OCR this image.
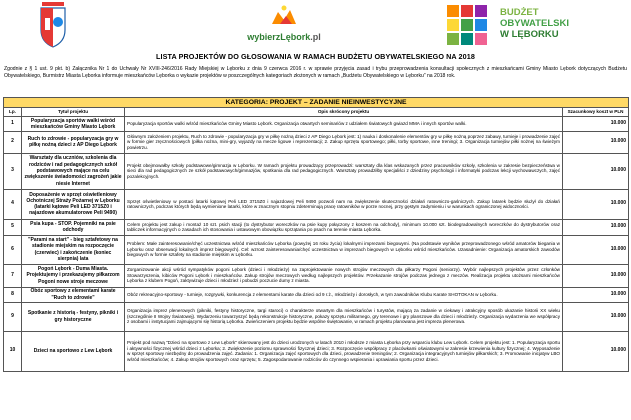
wybierzLębork.pl
BUDŻET
OBYWATELSKI
W LĘBORKU
LISTA PROJEKTÓW DO GŁOSOWANIA W RAMACH BUDŻETU OBYWATELSKIEGO NA 2018
Zgodnie z § 1 ust. 9 pkt. b) Załącznika Nr 1 do Uchwały Nr XVIII-246/2016 Rady Miejskiej w Lęborku z dnia 9 czerwca 2016 r. w sprawie przyjęcia zasad i trybu przeprowadzenia konsultacji społecznych z mieszkańcami Gminy Miasto Lębork dotyczących Budżetu Obywatelskiego, Burmistrz Miasta Lęborka informuje mieszkańców Lęborka o wykazie projektów w poszczególnych kategoriach złożonych w ramach „Budżetu Obywatelskiego w Lęborku” na 2018 rok.
KATEGORIA: PROJEKT – ZADANIE NIEINWESTYCYJNE			
Lp.	Tytuł projektu	Opis skrócony projektu	Szacunkowy koszt w PLN
1	Popularyzacja sportów walki wśród mieszkańców Gminy Miasto Lębork	Popularyzacja sportów walki wśród mieszkańców Gminy Miasto Lębork. Organizacja otwartych seminariów z udziałem światowych gwiazd MMA i innych sportów walki.	10.000
2	Ruch to zdrowie - popularyzacja gry w piłkę nożną dzieci z AP Diego Lębork	Głównym założeniem projektu, Ruch to zdrowie - popularyzacja gry w piłkę nożną dzieci z AP Diego Lębork jest: 1) nauka i doskonalenie elementów gry w piłkę nożną poprzez zabawy, turnieje i prowadzenie zajęć w formie gier zręcznościowych (piłka nożna, mini-gry, wyjazdy na mecze ligowe i reprezentacji; 2. Zakup sprzętu sportowego; piłki, torby sportowe, inne treningi; 3. Organizacja turniejów piłki nożnej na świeżym powietrzu.	10.000
3	Warsztaty dla uczniów, szkolenia dla rodziców i rad pedagogicznych szkół podstawowych mające na celu zwiększenie świadomości zagrożeń jakie niesie Internet	Projekt obejmowałby szkoły podstawowe/gimnazja w Lęborku. W ramach projektu prowadzący przeprowadzi: warsztaty dla klas wskazanych przez pracowników szkoły, szkolenia w zakresie bezpieczeństwa w sieci dla rad pedagogicznych ze szkół podstawowych/gimnazjów, spotkania dla rad pedagogicznych. Warsztaty prowadziłby specjaliści z dziedziny psychologii i informatyki podczas lekcji wychowawczych, zajęć pozalekcyjnych.	10.000
4	Doposażenie w sprzęt oświetleniowy Ochotniczej Straży Pożarnej w Lęborku (latarki kątowe Peli LED 3715Z0 i najazdowe akumulatorowe Peli 9490)	Sprzęt oświetleniowy w postaci latarki kątowej Peli LED 3715Z0 i najazdowej Peli 9490 pozwoli nam na zwiększenie skuteczności działań ratowniczo-gaśniczych. Zakup latarek będzie służył do działań ratowniczych, podczas których będą wymienione latarki, które w znacznym stopniu zdeterminują pracę ratowników w porze nocnej, przy gęstym zadymieniu i w warunkach ograniczonej widoczności.	10.000
5	Psia kupa - STOP. Pojemniki na psie odchody	Celem projektu jest zakup i montaż 10 szt. psich stacji (to dystrybutor woreczków na psie kupy połączony z koszem na odchody), minimum 10.000 szt. biodegradowalnych woreczków do dystrybutorów oraz tabliczek informacyjnych o zasadach ich stosowania i ustawowym obowiązku sprzątania po psach na terenie miasta Lęborka.	10.000
6	"Parami na start" - bieg sztafetowy na stadionie miejskim na rozpoczęcie (czerwiec) i zakończenie (koniec sierpnia) lata	Problem: Małe zainteresowanie/chęć uczestnictwa wśród mieszkańców Lęborka (powyżej 16 roku życia) lokalnymi imprezami biegowymi. (Na podstawie wyników przeprowadzonego wśród amatorów biegania w Lęborku oraz obserwacji lokalnych imprez biegowych). Cel: wzrost zainteresowania/chęć uczestnictwa w imprezach biegowych w Lęborku wśród mieszkańców. Uzasadnienie: Organizacja amatorskich zawodów biegowych w formie sztafety na stadionie miejskim w Lęborku.	10.000
7	Pogoń Lębork - Duma Miasta. Projektujemy i przekazujemy piłkarzom Pogoni nowe stroje meczowe	Zorganizowanie akcji wśród sympatyków pogoni Lębork (dzieci i młodzieży) na zaprojektowanie nowych strojów meczowych dla piłkarzy Pogoni (seniorzy). Wybór najlepszych projektów przez członków Stowarzyszenia, kibiców Pogoni Lębork i mieszkańców. Zakup strojów meczowych według najlepszych projektów. Przekazanie strojów podczas jednego z meczów. Realizacja projektu utożsami mieszkańców Lęborka z klubem Pogoń, zaktywizuje dzieci i młodzież i pobudzi poczucie dumy z miasta.	10.000
8	Obóz sportowy z elementami karate "Ruch to zdrowie"	Obóz rekreacyjno-sportowy - turnieje, rozgrywki, konkurencja z elementami karate dla dzieci od 9 r.ż., młodzieży i dorosłych, w tym zawodników Klubu Karate SHOTOKAN w Lęborku.	10.000
9	Spotkanie z historią - festyny, pikniki i gry historyczne	Organizacja imprez plenerowych (pikniki, festyny historyczne, targi staroci) o charakterze otwartym dla mieszkańców i turystów, mającą za zadanie w ciekawy i atrakcyjny sposób ukazanie historii XX wieku (szczególnie II Wojny Światowej). Wydarzeniu towarzyszyć będą rekonstrukcje historyczne, pokazy sprzętu militarnego, gry terenowe i gry planszowe dla dzieci i młodzieży. Organizacja wydarzenia we współpracy z osobami i instytucjami zajmującymi się historią Lęborka. Zwieńczeniem projektu będzie wspólne świętowanie, w ramach projektu planowana jest impreza plenerowa.	10.000
10	Dzieci na sportowo z Lew Lębork	Projekt pod nazwą "Dzieci na sportowo z Lew Lębork" skierowany jest do dzieci urodzonych w latach 2010 i młodsze z miasta Lęborka przy wsparciu klubu Lew Lębork. Celem projektu jest: 1. Popularyzacja sportu i aktywności fizycznej wśród dzieci z Lęborka; 2. Zwiększenie poziomu sprawności fizycznej dzieci; 3. Rozpoczęcie współpracy z placówkami oświatowymi w zakresie krzewienia kultury fizycznej; 4. Wyposażenie w sprzęt sportowy niezbędny do prowadzenia zajęć. Zadania: 1. Organizacja zajęć sportowych dla dzieci, prowadzenie treningów; 2. Organizacja integracyjnych turniejów piłkarskich; 3. Promowanie inicjatyw LBO wśród mieszkańców; 4. Zakup strojów sportowych oraz sprzętu; 5. Zagospodarowanie rodziców do czynnego wspierania i uprawiania sportu przez dzieci.	10.000
